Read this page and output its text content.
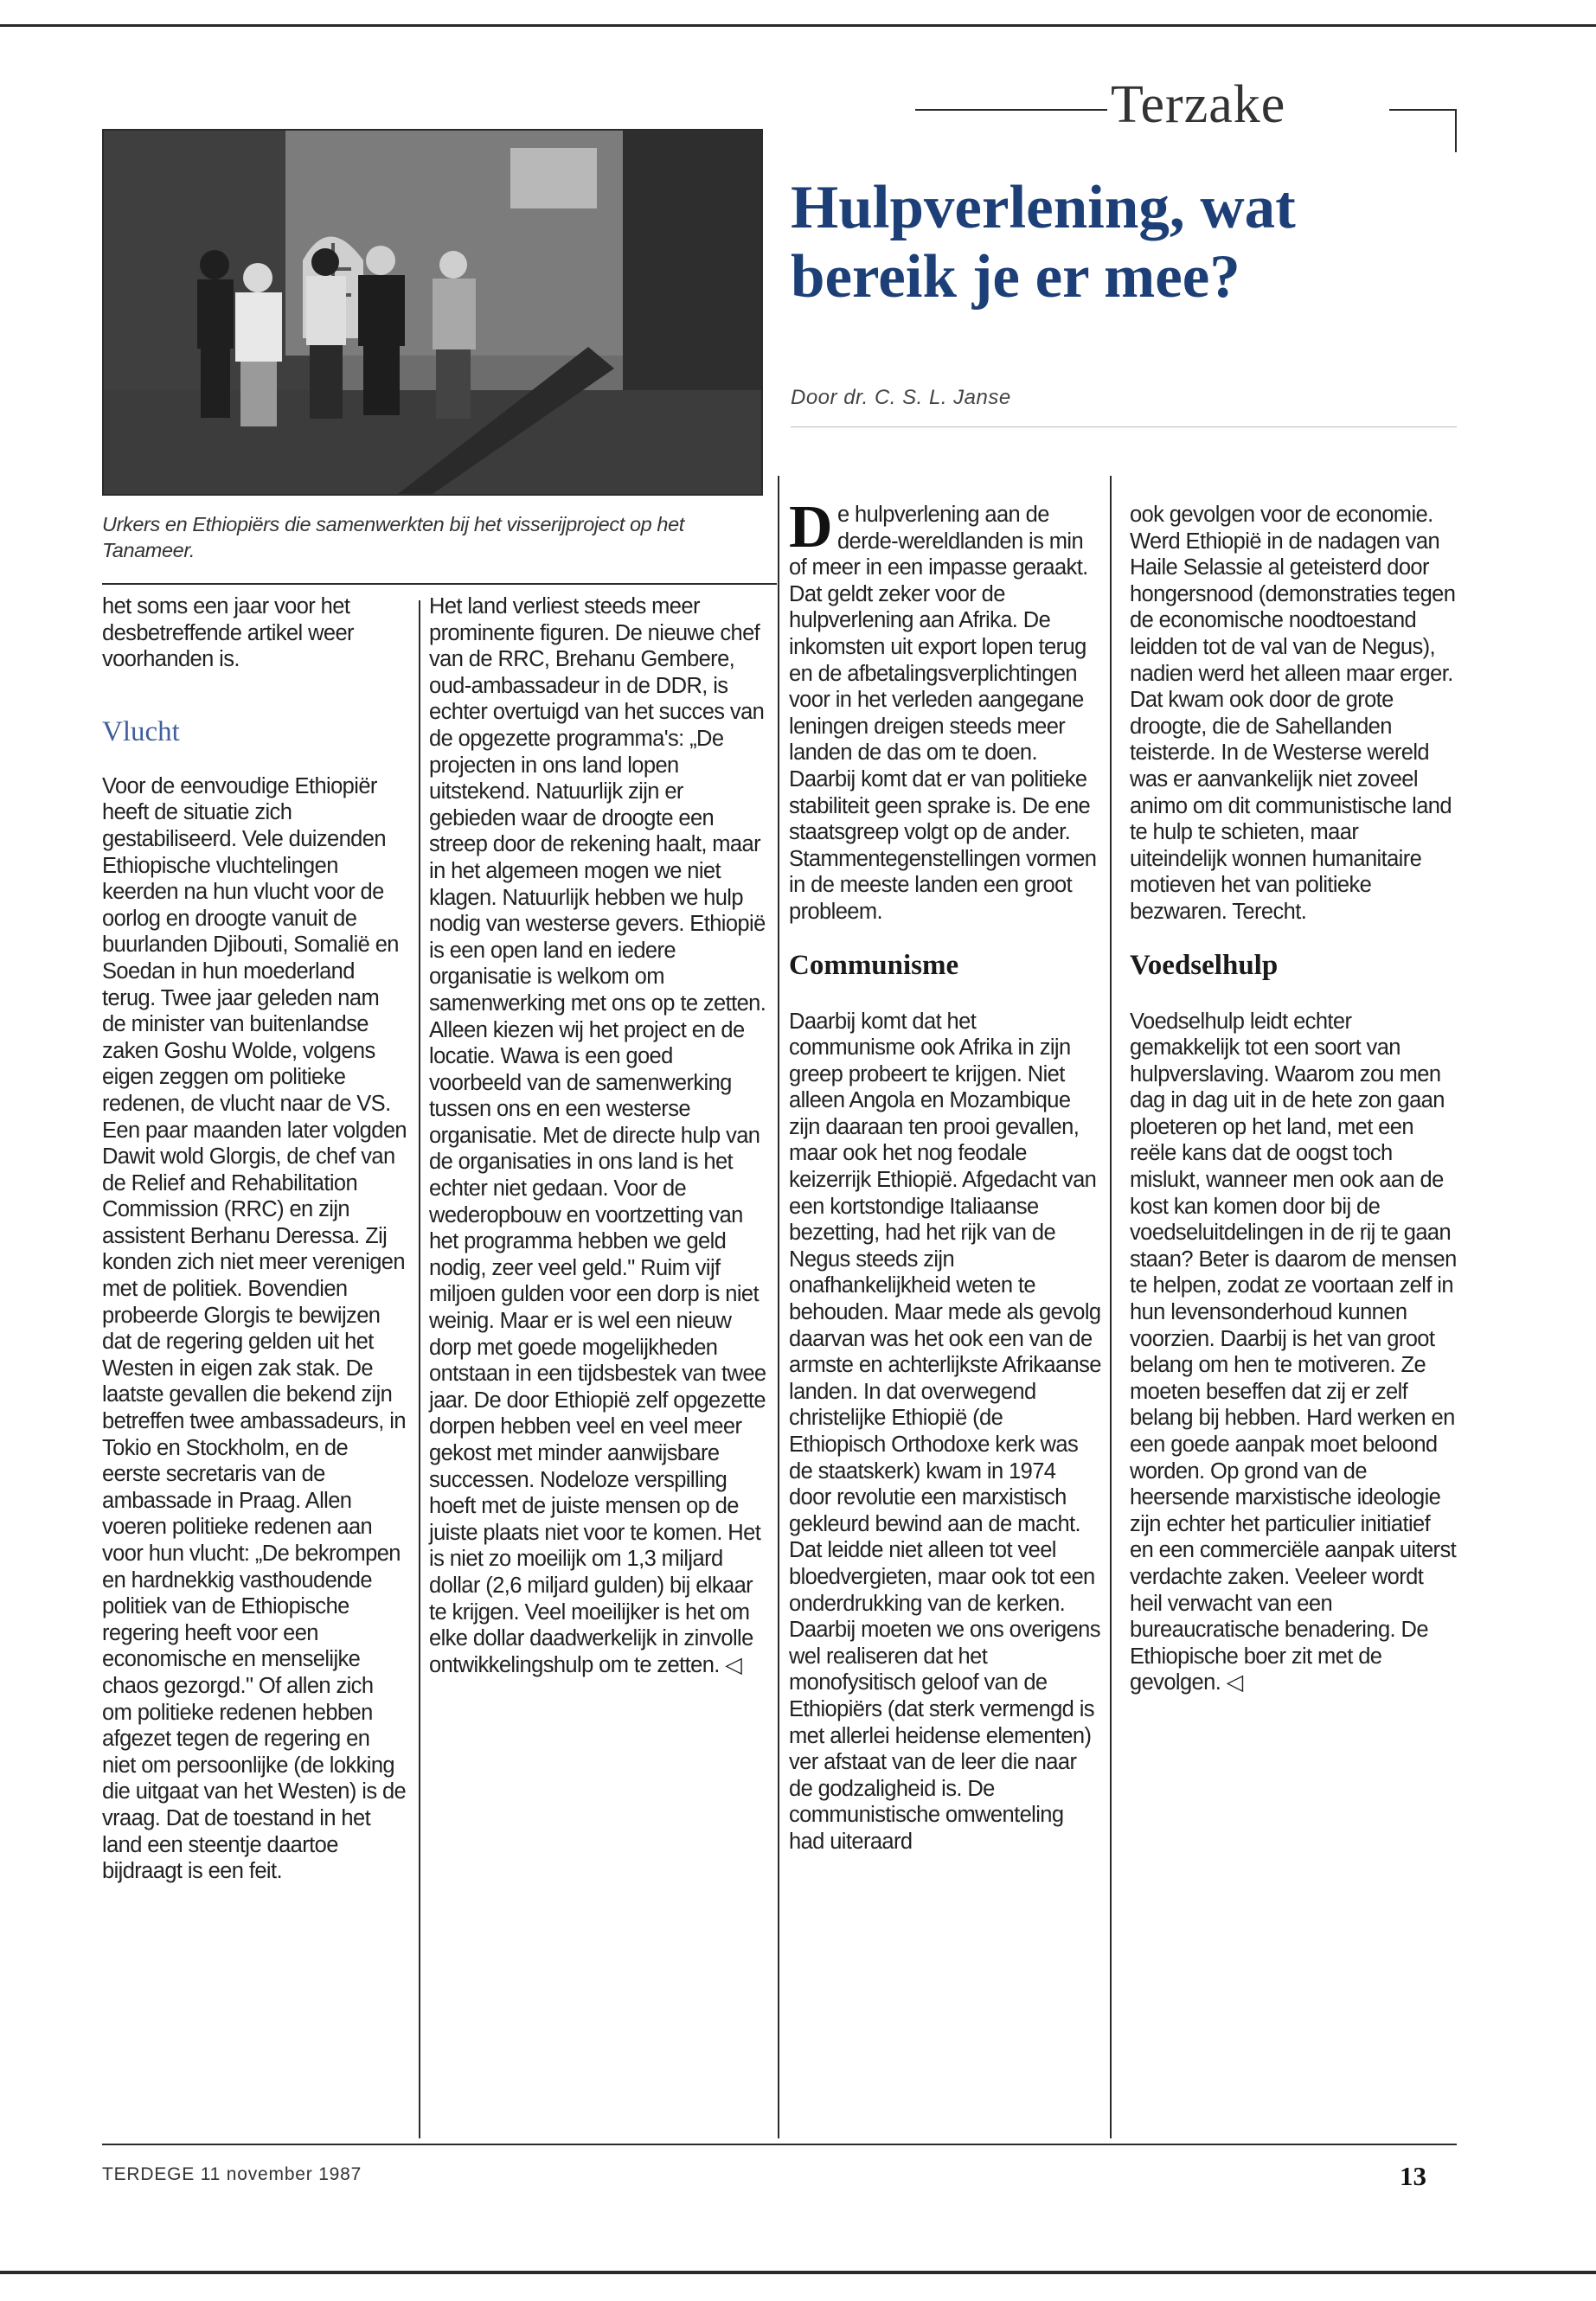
Terzake
Hulpverlening, wat bereik je er mee?
Door dr. C. S. L. Janse
Urkers en Ethiopiërs die samenwerkten bij het visserijproject op het Tanameer.

het soms een jaar voor het desbetreffende artikel weer voorhanden is.

Vlucht

Voor de eenvoudige Ethiopiër heeft de situatie zich gestabiliseerd. Vele duizenden Ethiopische vluchtelingen keerden na hun vlucht voor de oorlog en droogte vanuit de buurlanden Djibouti, Somalië en Soedan in hun moederland terug. Twee jaar geleden nam de minister van buitenlandse zaken Goshu Wolde, volgens eigen zeggen om politieke redenen, de vlucht naar de VS. Een paar maanden later volgden Dawit wold Glorgis, de chef van de Relief and Rehabilitation Commission (RRC) en zijn assistent Berhanu Deressa. Zij konden zich niet meer verenigen met de politiek. Bovendien probeerde Glorgis te bewijzen dat de regering gelden uit het Westen in eigen zak stak. De laatste gevallen die bekend zijn betreffen twee ambassadeurs, in Tokio en Stockholm, en de eerste secretaris van de ambassade in Praag. Allen voeren politieke redenen aan voor hun vlucht: „De bekrompen en hardnekkig vasthoudende politiek van de Ethiopische regering heeft voor een economische en menselijke chaos gezorgd." Of allen zich om politieke redenen hebben afgezet tegen de regering en niet om persoonlijke (de lokking die uitgaat van het Westen) is de vraag. Dat de toestand in het land een steentje daartoe bijdraagt is een feit.

Het land verliest steeds meer prominente figuren. De nieuwe chef van de RRC, Brehanu Gembere, oud-ambassadeur in de DDR, is echter overtuigd van het succes van de opgezette programma's: „De projecten in ons land lopen uitstekend. Natuurlijk zijn er gebieden waar de droogte een streep door de rekening haalt, maar in het algemeen mogen we niet klagen. Natuurlijk hebben we hulp nodig van westerse gevers. Ethiopië is een open land en iedere organisatie is welkom om samenwerking met ons op te zetten. Alleen kiezen wij het project en de locatie. Wawa is een goed voorbeeld van de samenwerking tussen ons en een westerse organisatie. Met de directe hulp van de organisaties in ons land is het echter niet gedaan. Voor de wederopbouw en voortzetting van het programma hebben we geld nodig, zeer veel geld." Ruim vijf miljoen gulden voor een dorp is niet weinig. Maar er is wel een nieuw dorp met goede mogelijkheden ontstaan in een tijdsbestek van twee jaar. De door Ethiopië zelf opgezette dorpen hebben veel en veel meer gekost met minder aanwijsbare successen. Nodeloze verspilling hoeft met de juiste mensen op de juiste plaats niet voor te komen. Het is niet zo moeilijk om 1,3 miljard dollar (2,6 miljard gulden) bij elkaar te krijgen. Veel moeilijker is het om elke dollar daadwerkelijk in zinvolle ontwikkelingshulp om te zetten. ◁

De hulpverlening aan de derde-wereldlanden is min of meer in een impasse geraakt. Dat geldt zeker voor de hulpverlening aan Afrika. De inkomsten uit export lopen terug en de afbetalingsverplichtingen voor in het verleden aangegane leningen dreigen steeds meer landen de das om te doen. Daarbij komt dat er van politieke stabiliteit geen sprake is. De ene staatsgreep volgt op de ander. Stammentegenstellingen vormen in de meeste landen een groot probleem.

Communisme

Daarbij komt dat het communisme ook Afrika in zijn greep probeert te krijgen. Niet alleen Angola en Mozambique zijn daaraan ten prooi gevallen, maar ook het nog feodale keizerrijk Ethiopië. Afgedacht van een kortstondige Italiaanse bezetting, had het rijk van de Negus steeds zijn onafhankelijkheid weten te behouden. Maar mede als gevolg daarvan was het ook een van de armste en achterlijkste Afrikaanse landen. In dat overwegend christelijke Ethiopië (de Ethiopisch Orthodoxe kerk was de staatskerk) kwam in 1974 door revolutie een marxistisch gekleurd bewind aan de macht. Dat leidde niet alleen tot veel bloedvergieten, maar ook tot een onderdrukking van de kerken. Daarbij moeten we ons overigens wel realiseren dat het monofysitisch geloof van de Ethiopiërs (dat sterk vermengd is met allerlei heidense elementen) ver afstaat van de leer die naar de godzaligheid is. De communistische omwenteling had uiteraard

ook gevolgen voor de economie. Werd Ethiopië in de nadagen van Haile Selassie al geteisterd door hongersnood (demonstraties tegen de economische noodtoestand leidden tot de val van de Negus), nadien werd het alleen maar erger. Dat kwam ook door de grote droogte, die de Sahellanden teisterde. In de Westerse wereld was er aanvankelijk niet zoveel animo om dit communistische land te hulp te schieten, maar uiteindelijk wonnen humanitaire motieven het van politieke bezwaren. Terecht.

Voedselhulp

Voedselhulp leidt echter gemakkelijk tot een soort van hulpverslaving. Waarom zou men dag in dag uit in de hete zon gaan ploeteren op het land, met een reële kans dat de oogst toch mislukt, wanneer men ook aan de kost kan komen door bij de voedseluitdelingen in de rij te gaan staan? Beter is daarom de mensen te helpen, zodat ze voortaan zelf in hun levensonderhoud kunnen voorzien. Daarbij is het van groot belang om hen te motiveren. Ze moeten beseffen dat zij er zelf belang bij hebben. Hard werken en een goede aanpak moet beloond worden. Op grond van de heersende marxistische ideologie zijn echter het particulier initiatief en een commerciële aanpak uiterst verdachte zaken. Veeleer wordt heil verwacht van een bureaucratische benadering. De Ethiopische boer zit met de gevolgen. ◁

TERDEGE 11 november 1987	13
